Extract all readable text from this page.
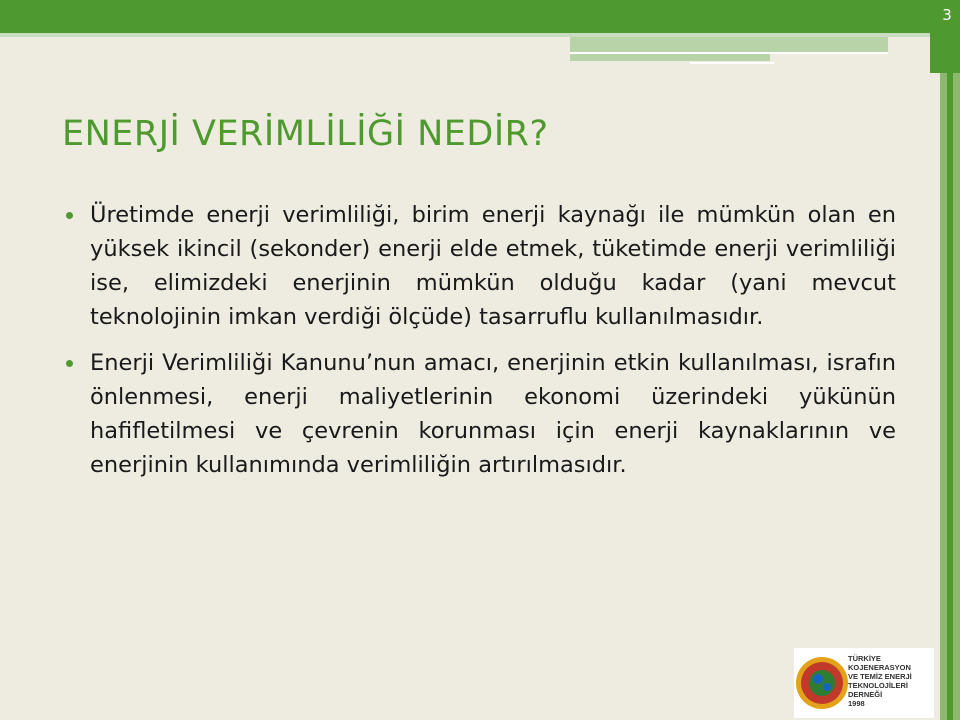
3
ENERJİ VERİMLİLİĞİ NEDİR?
Üretimde enerji verimliliği, birim enerji kaynağı ile mümkün olan en yüksek ikincil (sekonder) enerji elde etmek, tüketimde enerji verimliliği ise, elimizdeki enerjinin mümkün olduğu kadar (yani mevcut teknolojinin imkan verdiği ölçüde) tasarruflu kullanılmasıdır.
Enerji Verimliliği Kanunu’nun amacı, enerjinin etkin kullanılması, israfın önlenmesi, enerji maliyetlerinin ekonomi üzerindeki yükünün hafifletilmesi ve çevrenin korunması için enerji kaynaklarının ve enerjinin kullanımında verimliliğin artırılmasıdır.
TÜRKİYE
KOJENERASYON
VE TEMİZ ENERJİ
TEKNOLOJİLERİ DERNEĞİ
1998
